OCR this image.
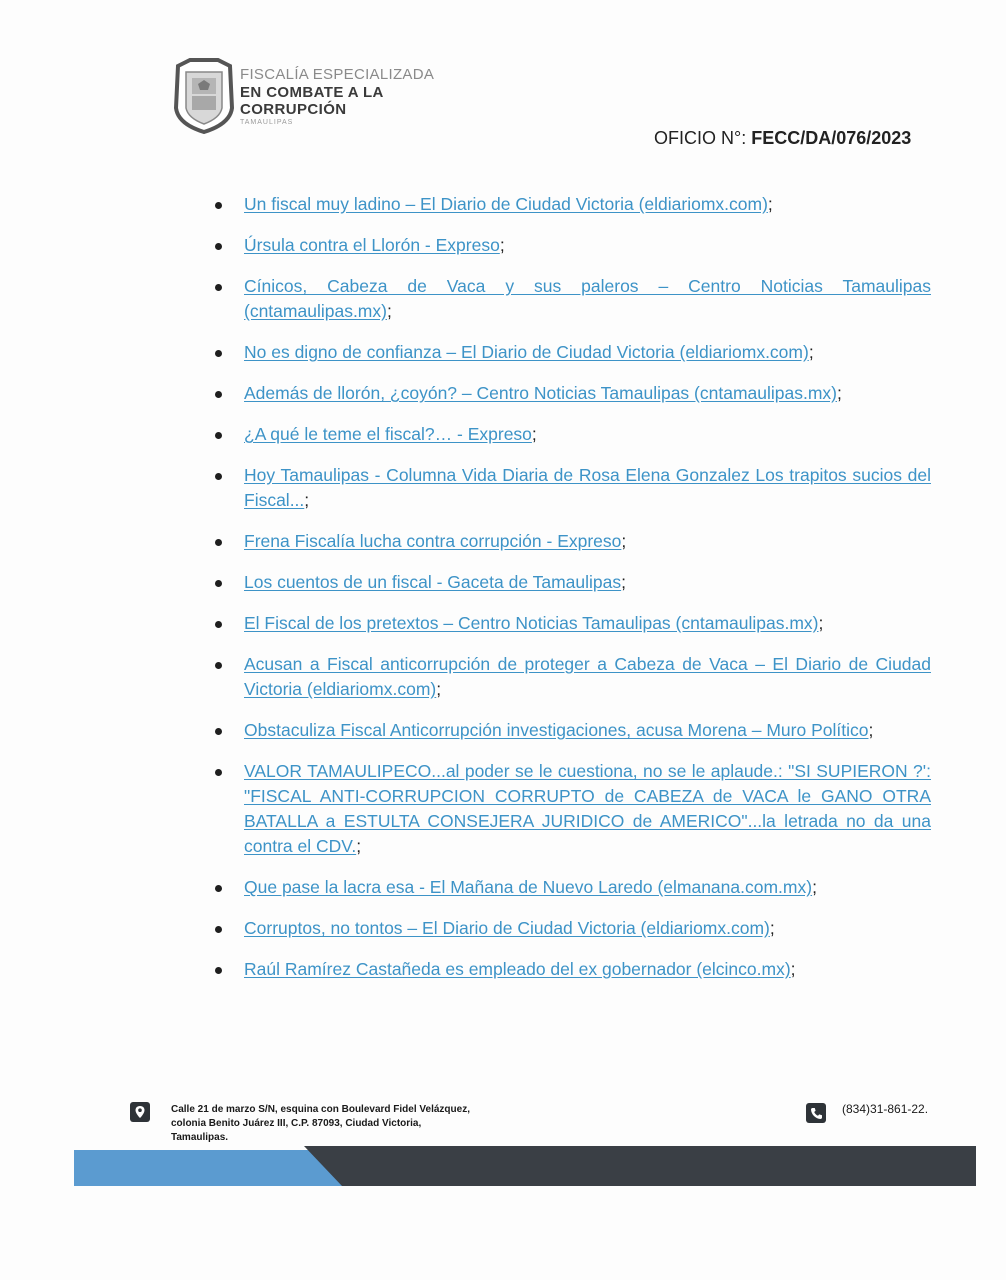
FISCALÍA ESPECIALIZADA
EN COMBATE A LA
CORRUPCIÓN
TAMAULIPAS
OFICIO N°: FECC/DA/076/2023
Un fiscal muy ladino – El Diario de Ciudad Victoria (eldiariomx.com);
Úrsula contra el Llorón - Expreso;
Cínicos, Cabeza de Vaca y sus paleros – Centro Noticias Tamaulipas (cntamaulipas.mx);
No es digno de confianza – El Diario de Ciudad Victoria (eldiariomx.com);
Además de llorón, ¿coyón? – Centro Noticias Tamaulipas (cntamaulipas.mx);
¿A qué le teme el fiscal?… - Expreso;
Hoy Tamaulipas - Columna Vida Diaria de Rosa Elena Gonzalez Los trapitos sucios del Fiscal...;
Frena Fiscalía lucha contra corrupción - Expreso;
Los cuentos de un fiscal - Gaceta de Tamaulipas;
El Fiscal de los pretextos – Centro Noticias Tamaulipas (cntamaulipas.mx);
Acusan a Fiscal anticorrupción de proteger a Cabeza de Vaca – El Diario de Ciudad Victoria (eldiariomx.com);
Obstaculiza Fiscal Anticorrupción investigaciones, acusa Morena – Muro Político;
VALOR TAMAULIPECO...al poder se le cuestiona, no se le aplaude.: "SI SUPIERON ?': "FISCAL ANTI-CORRUPCION CORRUPTO de CABEZA de VACA le GANO OTRA BATALLA a ESTULTA CONSEJERA JURIDICO de AMERICO"...la letrada no da una contra el CDV.;
Que pase la lacra esa - El Mañana de Nuevo Laredo (elmanana.com.mx);
Corruptos, no tontos – El Diario de Ciudad Victoria (eldiariomx.com);
Raúl Ramírez Castañeda es empleado del ex gobernador (elcinco.mx);
Calle 21 de marzo S/N, esquina con Boulevard Fidel Velázquez, colonia Benito Juárez III, C.P. 87093, Ciudad Victoria, Tamaulipas.
(834)31-861-22.
